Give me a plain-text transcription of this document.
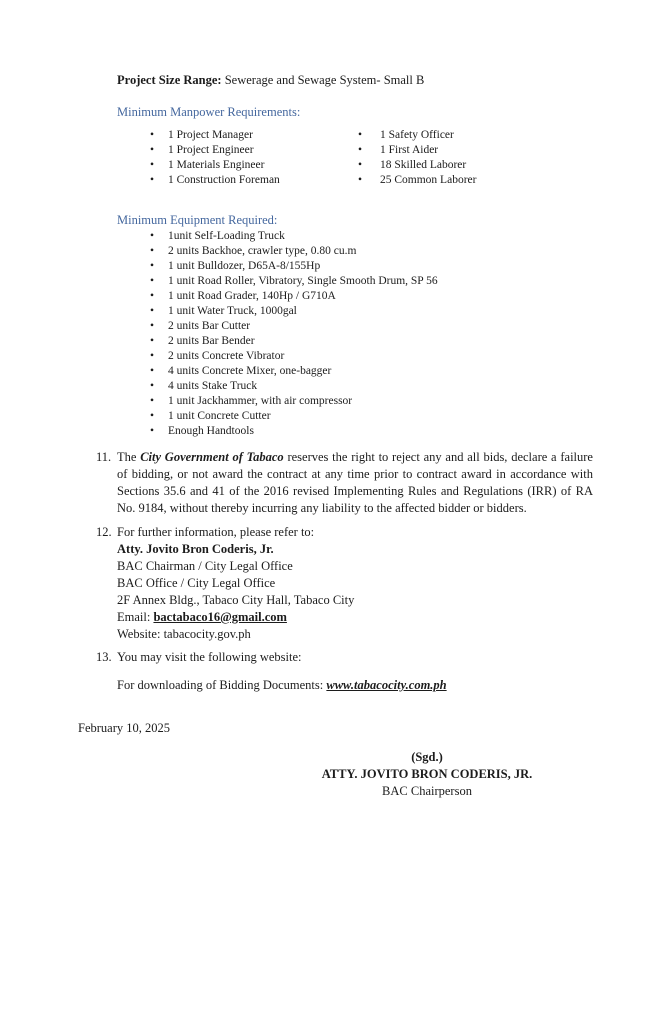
Project Size Range: Sewerage and Sewage System- Small B
Minimum Manpower Requirements:
• 1 Project Manager
• 1 Project Engineer
• 1 Materials Engineer
• 1 Construction Foreman
• 1 Safety Officer
• 1 First Aider
• 18 Skilled Laborer
• 25 Common Laborer
Minimum Equipment Required:
• 1unit Self-Loading Truck
• 2 units Backhoe, crawler type, 0.80 cu.m
• 1 unit Bulldozer, D65A-8/155Hp
• 1 unit Road Roller, Vibratory, Single Smooth Drum, SP 56
• 1 unit Road Grader, 140Hp / G710A
• 1 unit Water Truck, 1000gal
• 2 units Bar Cutter
• 2 units Bar Bender
• 2 units Concrete Vibrator
• 4 units Concrete Mixer, one-bagger
• 4 units Stake Truck
• 1 unit Jackhammer, with air compressor
• 1 unit Concrete Cutter
• Enough Handtools
11. The City Government of Tabaco reserves the right to reject any and all bids, declare a failure of bidding, or not award the contract at any time prior to contract award in accordance with Sections 35.6 and 41 of the 2016 revised Implementing Rules and Regulations (IRR) of RA No. 9184, without thereby incurring any liability to the affected bidder or bidders.
12. For further information, please refer to:
Atty. Jovito Bron Coderis, Jr.
BAC Chairman / City Legal Office
BAC Office / City Legal Office
2F Annex Bldg., Tabaco City Hall, Tabaco City
Email: bactabaco16@gmail.com
Website: tabacocity.gov.ph
13. You may visit the following website:
For downloading of Bidding Documents: www.tabacocity.com.ph
February 10, 2025
(Sgd.)
ATTY. JOVITO BRON CODERIS, JR.
BAC Chairperson
